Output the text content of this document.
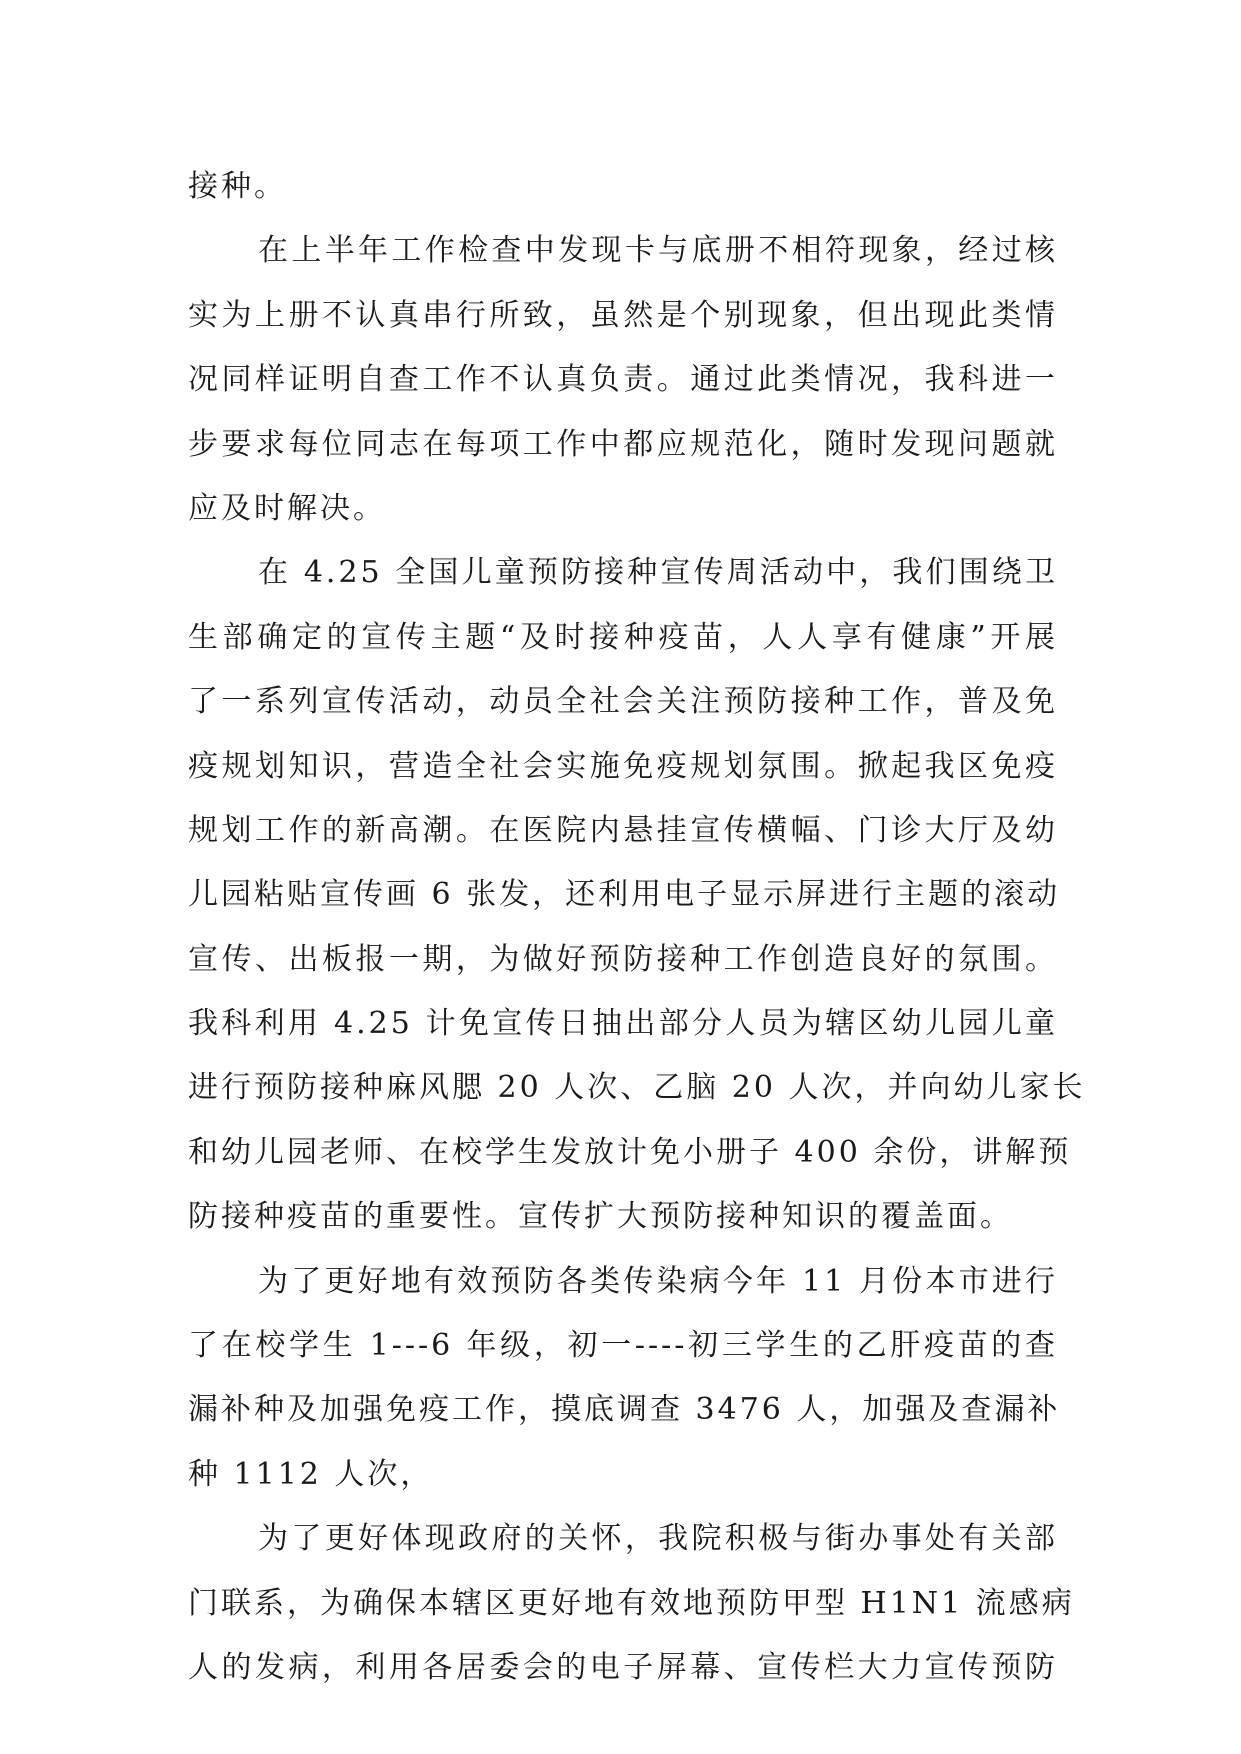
接种。
在上半年工作检查中发现卡与底册不相符现象，经过核
实为上册不认真串行所致，虽然是个别现象，但出现此类情
况同样证明自查工作不认真负责。通过此类情况，我科进一
步要求每位同志在每项工作中都应规范化，随时发现问题就
应及时解决。
在 4.25 全国儿童预防接种宣传周活动中，我们围绕卫
生部确定的宣传主题“及时接种疫苗，人人享有健康”开展
了一系列宣传活动，动员全社会关注预防接种工作，普及免
疫规划知识，营造全社会实施免疫规划氛围。掀起我区免疫
规划工作的新高潮。在医院内悬挂宣传横幅、门诊大厅及幼
儿园粘贴宣传画 6 张发，还利用电子显示屏进行主题的滚动
宣传、出板报一期，为做好预防接种工作创造良好的氛围。
我科利用 4.25 计免宣传日抽出部分人员为辖区幼儿园儿童
进行预防接种麻风腮 20 人次、乙脑 20 人次，并向幼儿家长
和幼儿园老师、在校学生发放计免小册子 400 余份，讲解预
防接种疫苗的重要性。宣传扩大预防接种知识的覆盖面。
为了更好地有效预防各类传染病今年 11 月份本市进行
了在校学生 1---6 年级，初一----初三学生的乙肝疫苗的查
漏补种及加强免疫工作，摸底调查 3476 人，加强及查漏补
种 1112 人次，
为了更好体现政府的关怀，我院积极与街办事处有关部
门联系，为确保本辖区更好地有效地预防甲型 H1N1 流感病
人的发病，利用各居委会的电子屏幕、宣传栏大力宣传预防
